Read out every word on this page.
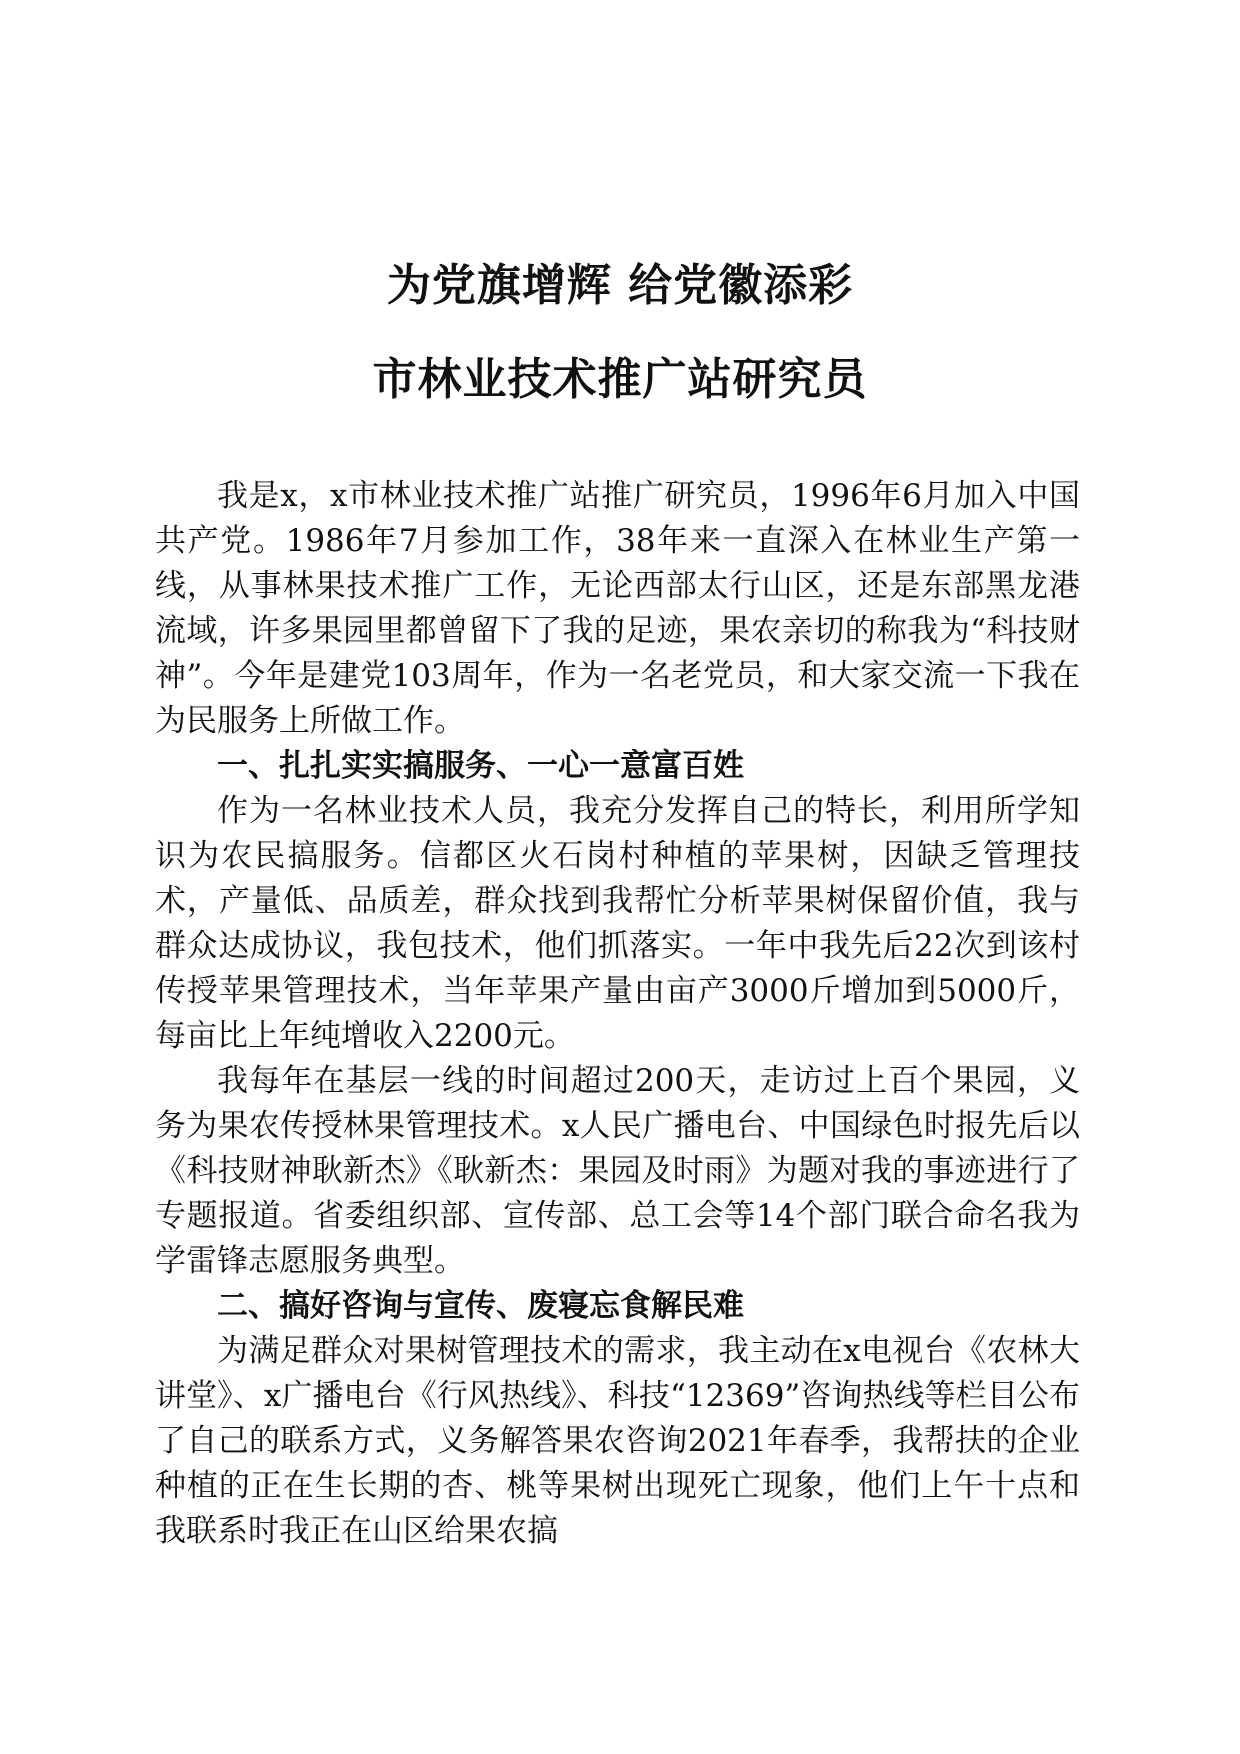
为党旗增辉 给党徽添彩
市林业技术推广站研究员

我是x，x市林业技术推广站推广研究员，1996年6月加入中国共产党。1986年7月参加工作，38年来一直深入在林业生产第一线，从事林果技术推广工作，无论西部太行山区，还是东部黑龙港流域，许多果园里都曾留下了我的足迹，果农亲切的称我为“科技财神”。今年是建党103周年，作为一名老党员，和大家交流一下我在为民服务上所做工作。

一、扎扎实实搞服务、一心一意富百姓

作为一名林业技术人员，我充分发挥自己的特长，利用所学知识为农民搞服务。信都区火石岗村种植的苹果树，因缺乏管理技术，产量低、品质差，群众找到我帮忙分析苹果树保留价值，我与群众达成协议，我包技术，他们抓落实。一年中我先后22次到该村传授苹果管理技术，当年苹果产量由亩产3000斤增加到5000斤，每亩比上年纯增收入2200元。

我每年在基层一线的时间超过200天，走访过上百个果园，义务为果农传授林果管理技术。x人民广播电台、中国绿色时报先后以《科技财神耿新杰》《耿新杰：果园及时雨》为题对我的事迹进行了专题报道。省委组织部、宣传部、总工会等14个部门联合命名我为学雷锋志愿服务典型。

二、搞好咨询与宣传、废寝忘食解民难

为满足群众对果树管理技术的需求，我主动在x电视台《农林大讲堂》、x广播电台《行风热线》、科技“12369”咨询热线等栏目公布了自己的联系方式，义务解答果农咨询2021年春季，我帮扶的企业种植的正在生长期的杏、桃等果树出现死亡现象，他们上午十点和我联系时我正在山区给果农搞
